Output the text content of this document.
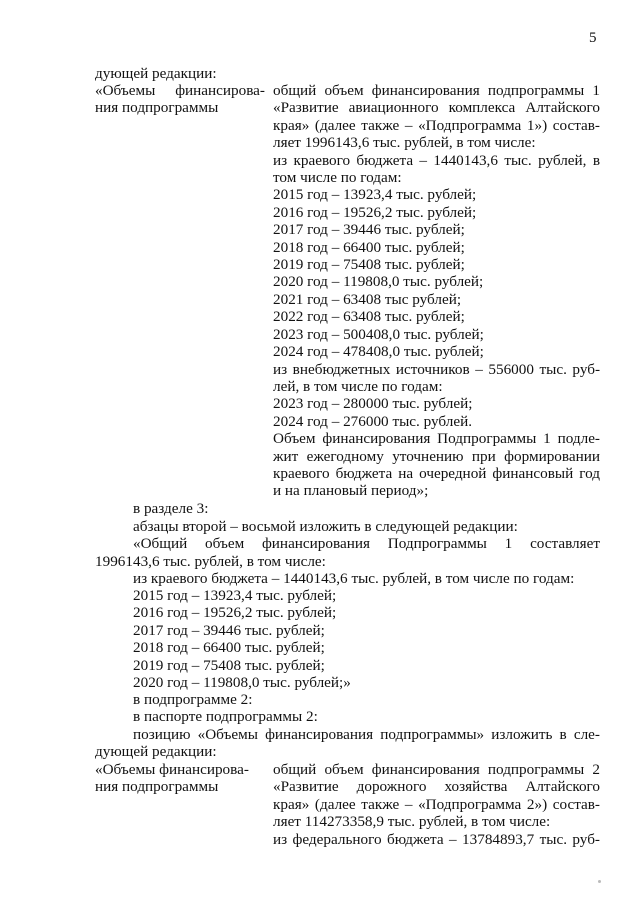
5
дующей редакции:
«Объемы финансирова-
ния подпрограммы
общий объем финансирования подпрограммы 1
«Развитие авиационного комплекса Алтайского
края» (далее также – «Подпрограмма 1») состав-
ляет 1996143,6 тыс. рублей, в том числе:
из краевого бюджета – 1440143,6 тыс. рублей, в
том числе по годам:
2015 год – 13923,4 тыс. рублей;
2016 год – 19526,2 тыс. рублей;
2017 год – 39446 тыс. рублей;
2018 год – 66400 тыс. рублей;
2019 год – 75408 тыс. рублей;
2020 год – 119808,0 тыс. рублей;
2021 год – 63408 тыс рублей;
2022 год – 63408 тыс. рублей;
2023 год – 500408,0 тыс. рублей;
2024 год – 478408,0 тыс. рублей;
из внебюджетных источников – 556000 тыс. руб-
лей, в том числе по годам:
2023 год – 280000 тыс. рублей;
2024 год – 276000 тыс. рублей.
Объем финансирования Подпрограммы 1 подле-
жит ежегодному уточнению при формировании
краевого бюджета на очередной финансовый год
и на плановый период»;
в разделе 3:
абзацы второй – восьмой изложить в следующей редакции:
«Общий объем финансирования Подпрограммы 1 составляет
1996143,6 тыс. рублей, в том числе:
из краевого бюджета – 1440143,6 тыс. рублей, в том числе по годам:
2015 год – 13923,4 тыс. рублей;
2016 год – 19526,2 тыс. рублей;
2017 год – 39446 тыс. рублей;
2018 год – 66400 тыс. рублей;
2019 год – 75408 тыс. рублей;
2020 год – 119808,0 тыс. рублей;»
в подпрограмме 2:
в паспорте подпрограммы 2:
позицию «Объемы финансирования подпрограммы» изложить в сле-
дующей редакции:
«Объемы финансирова-
ния подпрограммы
общий объем финансирования подпрограммы 2
«Развитие дорожного хозяйства Алтайского
края» (далее также – «Подпрограмма 2») состав-
ляет 114273358,9 тыс. рублей, в том числе:
из федерального бюджета – 13784893,7 тыс. руб-
